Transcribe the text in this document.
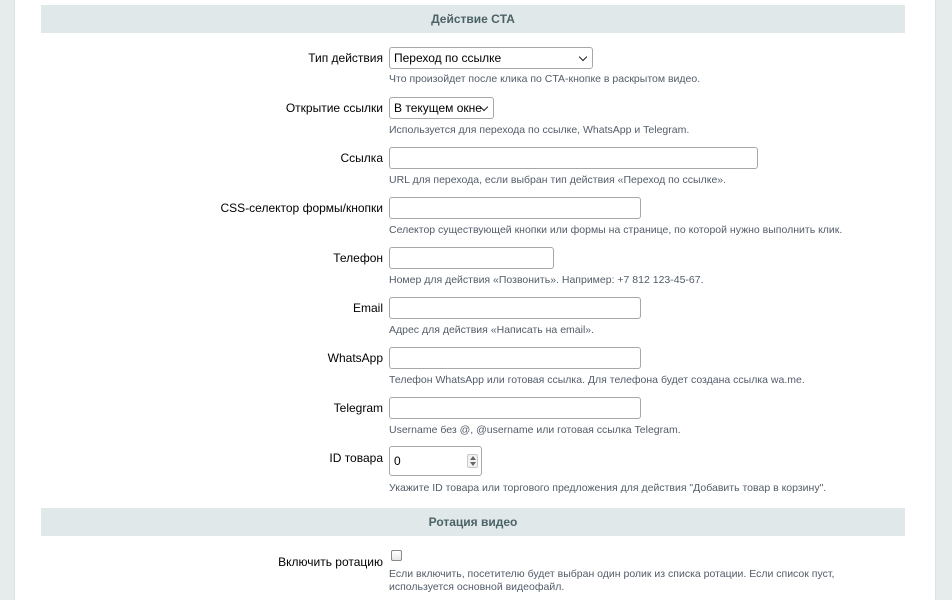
Действие CTA
Тип действия Переход по ссылке
Что произойдет после клика по CTA-кнопке в раскрытом видео.
Открытие ссылки В текущем окне
Используется для перехода по ссылке, WhatsApp и Telegram.
Ссылка
URL для перехода, если выбран тип действия «Переход по ссылке».
CSS-селектор формы/кнопки
Селектор существующей кнопки или формы на странице, по которой нужно выполнить клик.
Телефон
Номер для действия «Позвонить». Например: +7 812 123-45-67.
Email
Адрес для действия «Написать на email».
WhatsApp
Телефон WhatsApp или готовая ссылка. Для телефона будет создана ссылка wa.me.
Telegram
Username без @, @username или готовая ссылка Telegram.
ID товара 0
Укажите ID товара или торгового предложения для действия "Добавить товар в корзину".
Ротация видео
Включить ротацию
Если включить, посетителю будет выбран один ролик из списка ротации. Если список пуст,
используется основной видеофайл.
